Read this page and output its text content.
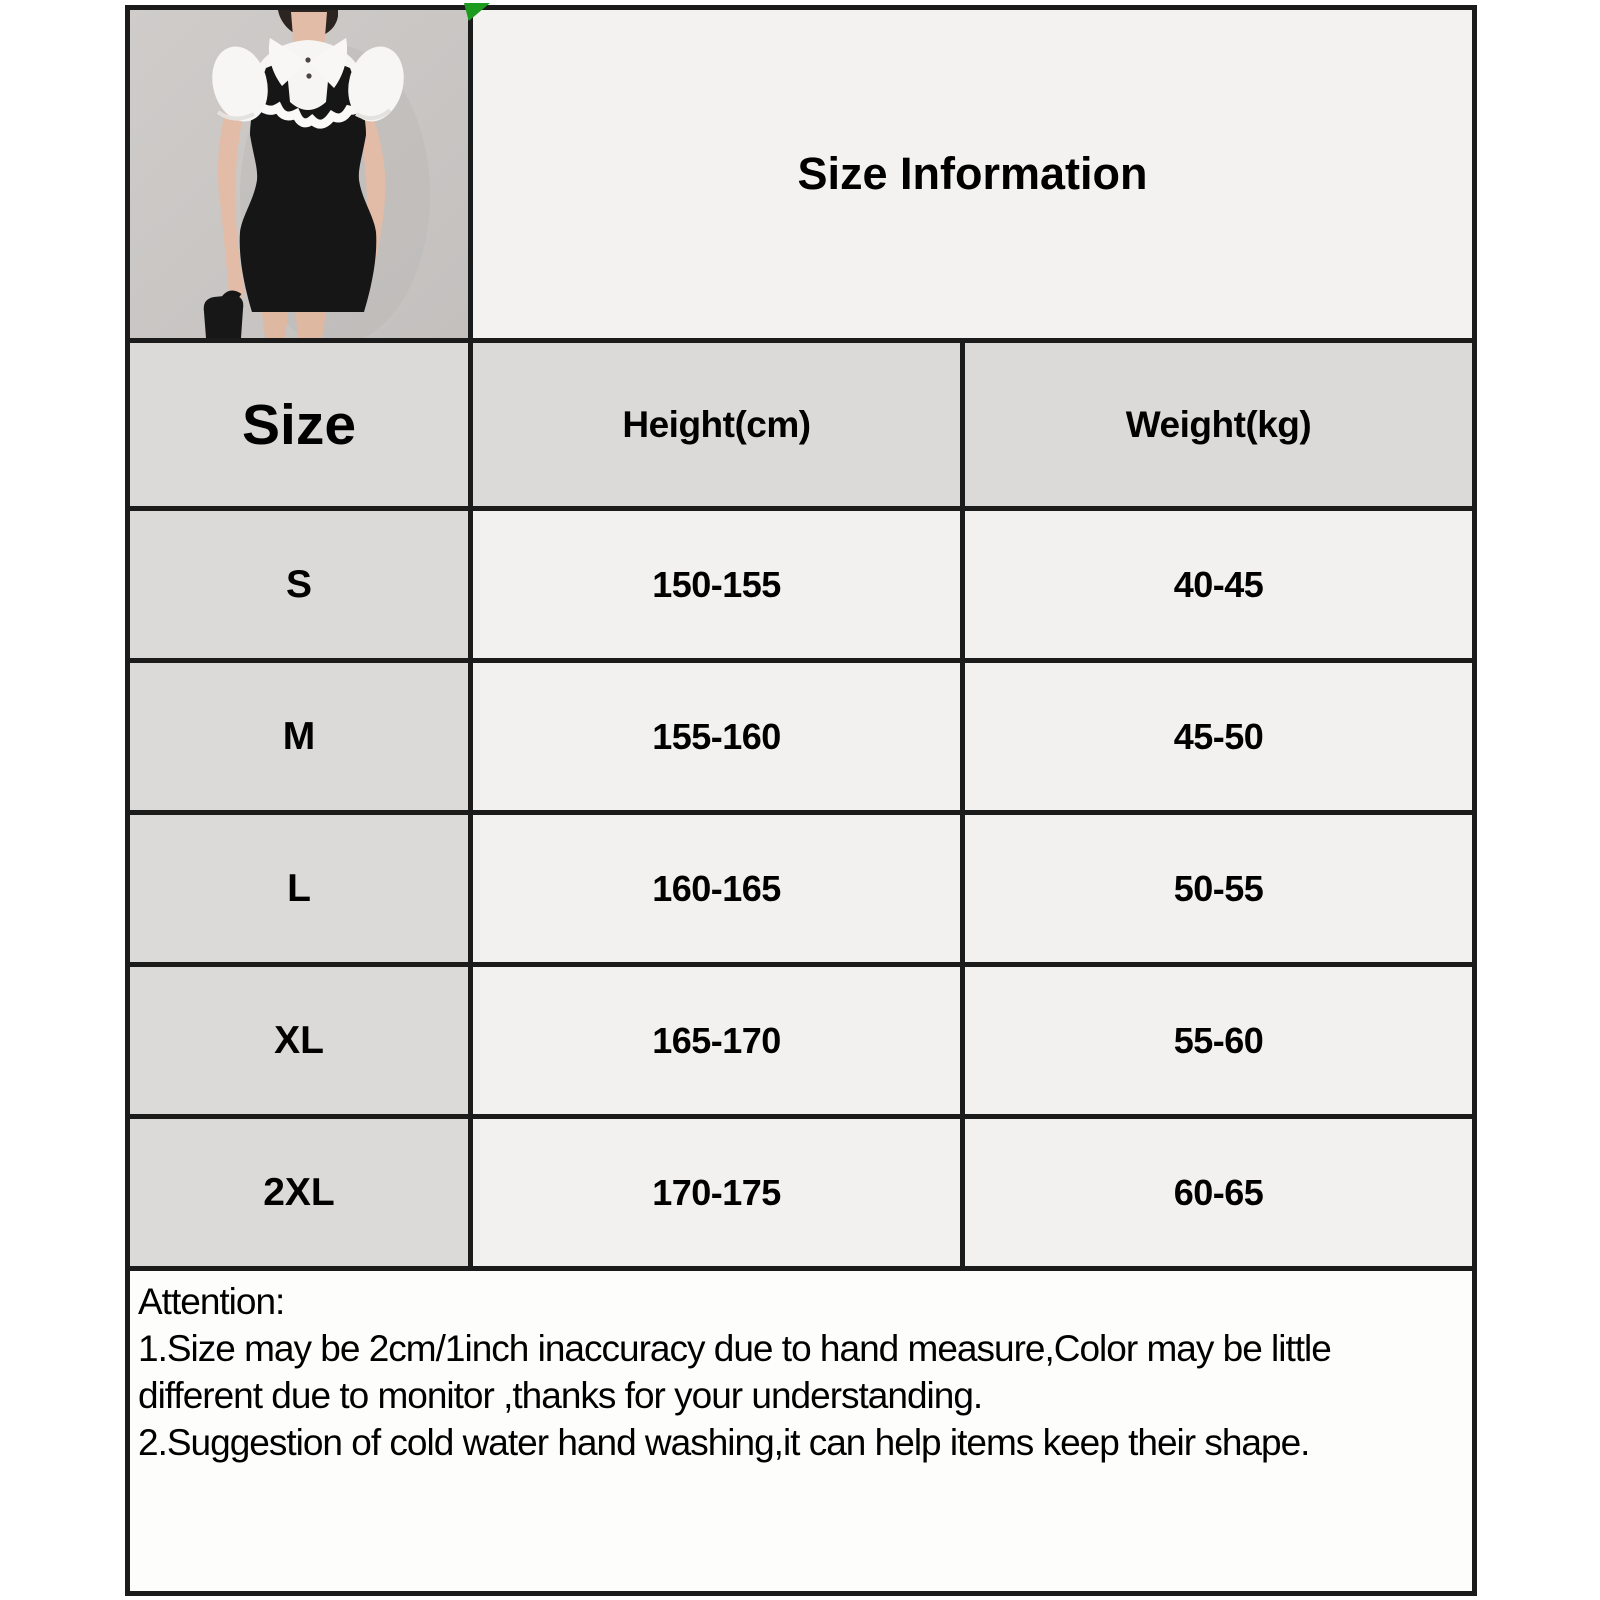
Size Information
Size	Height(cm)	Weight(kg)
S	150-155	40-45
M	155-160	45-50
L	160-165	50-55
XL	165-170	55-60
2XL	170-175	60-65
Attention:
1.Size may be 2cm/1inch inaccuracy due to hand measure,Color may be little
different due to monitor ,thanks for your understanding.
2.Suggestion of cold water hand washing,it can help items keep their shape.
